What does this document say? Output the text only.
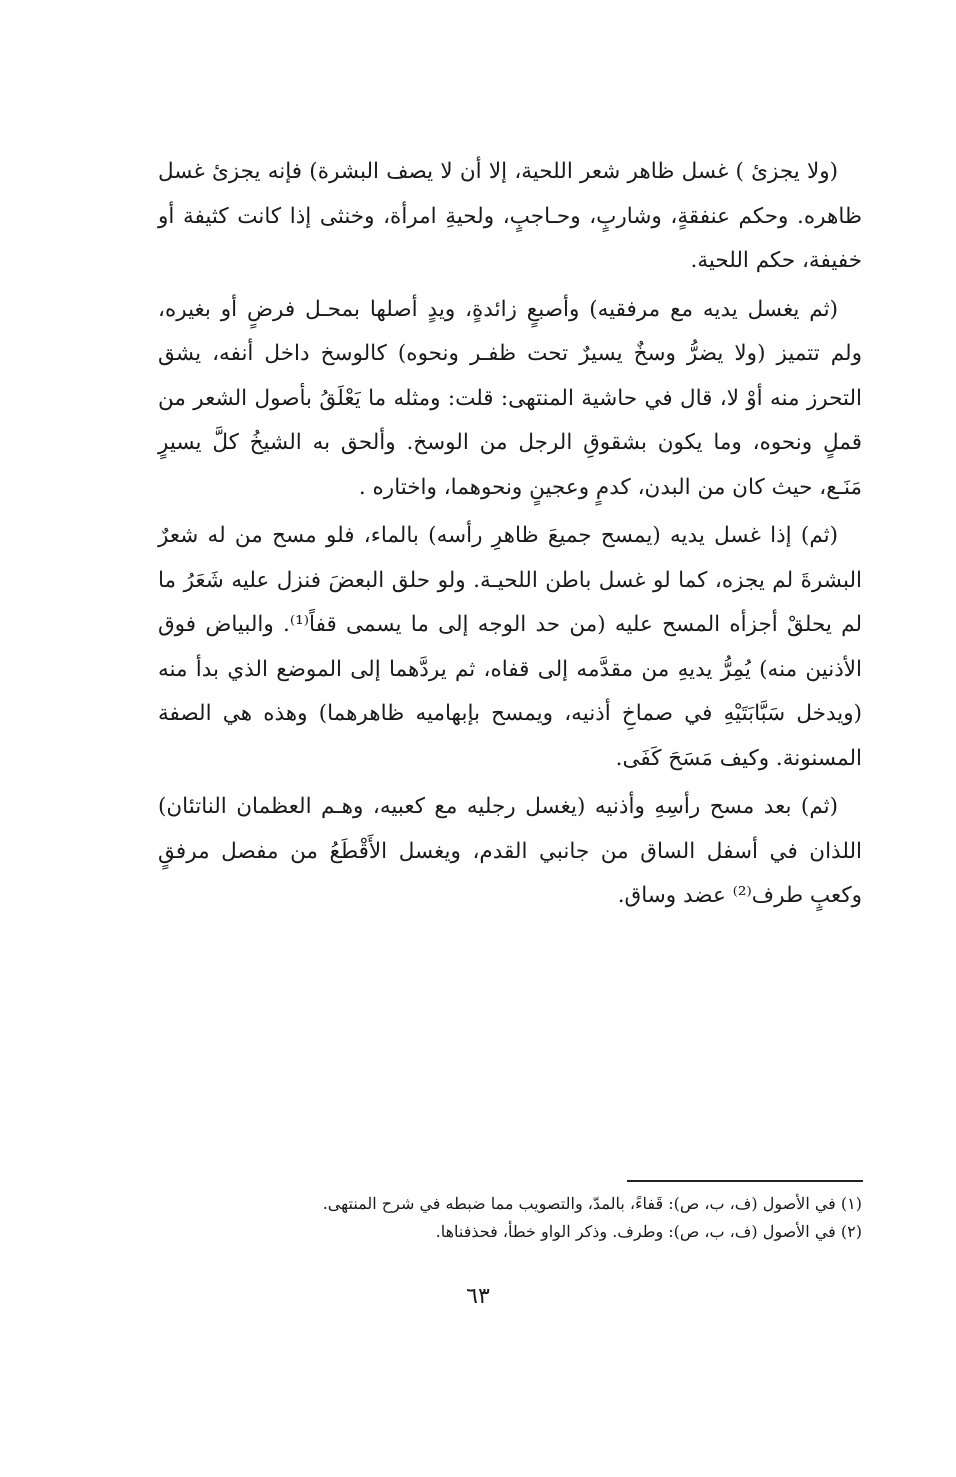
(ولا يجزئ ) غسل ظاهر شعر اللحية، إلا أن لا يصف البشرة) فإنه يجزئ غسل ظاهره. وحكم عنفقةٍ، وشاربٍ، وحـاجبٍ، ولحيةِ امرأة، وخنثى إذا كانت كثيفة أو خفيفة، حكم اللحية.

(ثم يغسل يديه مع مرفقيه) وأصبعٍ زائدةٍ، ويدٍ أصلها بمحـل فرضٍ أو بغيره، ولم تتميز (ولا يضرُّ وسخٌ يسيرٌ تحت ظفـر ونحوه) كالوسخ داخل أنفه، يشق التحرز منه أوْ لا، قال في حاشية المنتهى: قلت: ومثله ما يَعْلَقُ بأصول الشعر من قملٍ ونحوه، وما يكون بشقوقِ الرجل من الوسخ. وألحق به الشيخُ كلَّ يسيرٍ مَنَـع، حيث كان من البدن، كدمٍ وعجينٍ ونحوهما، واختاره .

(ثم) إذا غسل يديه (يمسح جميعَ ظاهرِ رأسه) بالماء، فلو مسح من له شعرٌ البشرةَ لم يجزه، كما لو غسل باطن اللحيـة. ولو حلق البعضَ فنزل عليه شَعَرُ ما لم يحلقْ أجزأه المسح عليه (من حد الوجه إلى ما يسمى قفاً⁽¹⁾. والبياض فوق الأذنين منه) يُمِرُّ يديهِ من مقدَّمه إلى قفاه، ثم يردَّهما إلى الموضع الذي بدأ منه (ويدخل سَبَّابَتَيْهِ في صماخِ أذنيه، ويمسح بإبهاميه ظاهرهما) وهذه هي الصفة المسنونة. وكيف مَسَحَ كَفَى.

(ثم) بعد مسح رأسِهِ وأذنيه (يغسل رجليه مع كعبيه، وهـم العظمان الناتئان) اللذان في أسفل الساق من جانبي القدم، ويغسل الأَقْطَعُ من مفصل مرفقٍ وكعبٍ طرف⁽²⁾ عضد وساق.

(١) في الأصول (ف، ب، ص): قَفاءً، بالمدّ، والتصويب مما ضبطه في شرح المنتهى.

(٢) في الأصول (ف، ب، ص): وطرف. وذكر الواو خطأ، فحذفناها.

٦٣
